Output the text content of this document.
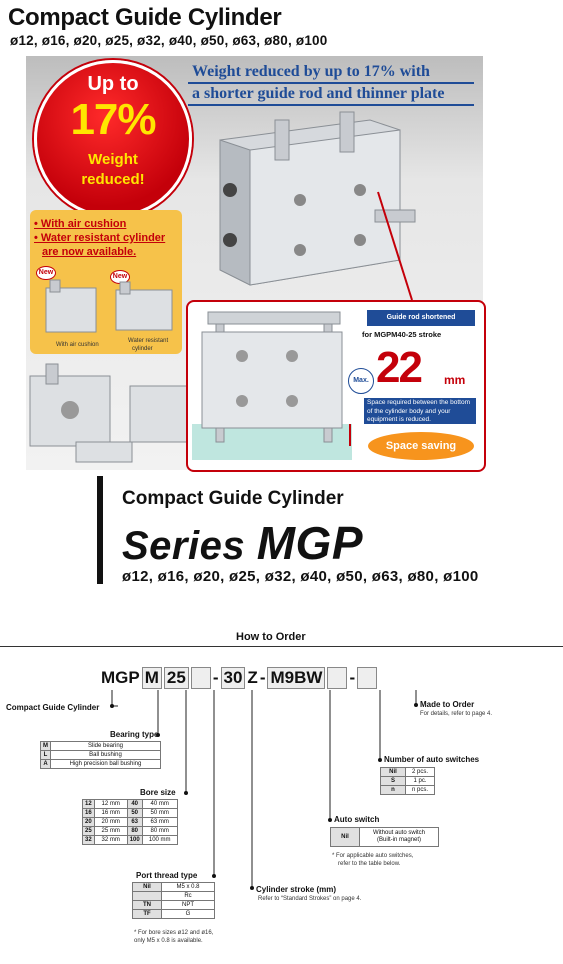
Compact Guide Cylinder
ø12, ø16, ø20, ø25, ø32, ø40, ø50, ø63, ø80, ø100
Weight reduced by up to 17% with
a shorter guide rod and thinner plate
Up to
17%
Weight
reduced!
• With air cushion
• Water resistant cylinder
are now available.
New
New
With air cushion
Water resistant
cylinder
Guide rod shortened
for MGPM40-25 stroke
Max. 22 mm
Space required between the bottom of the cylinder body and your equipment is reduced.
Space saving
Compact Guide Cylinder
Series MGP
ø12, ø16, ø20, ø25, ø32, ø40, ø50, ø63, ø80, ø100
How to Order
MGP M 25 - 30 Z - M9BW -
Compact Guide Cylinder
Bearing type
M	Slide bearing
L	Ball bushing
A	High precision ball bushing
Bore size
12	12 mm	40	40 mm
16	16 mm	50	50 mm
20	20 mm	63	63 mm
25	25 mm	80	80 mm
32	32 mm	100	100 mm
Port thread type
Nil	M5 x 0.8
	Rc
TN	NPT
TF	G
* For bore sizes ø12 and ø16, only M5 x 0.8 is available.
Cylinder stroke (mm)
Refer to “Standard Strokes” on page 4.
Auto switch
Nil	
Without auto switch
(Built-in magnet)
* For applicable auto switches,
refer to the table below.
Number of auto switches
Nil	2 pcs.
S	1 pc.
n	n pcs.
Made to Order
For details, refer to page 4.
